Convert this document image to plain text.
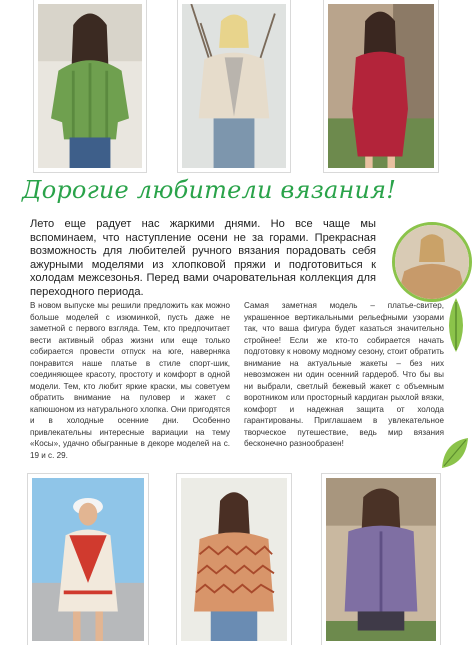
Дорогие любители вязания!
Лето еще радует нас жаркими днями. Но все чаще мы вспоминаем, что наступление осени не за горами. Прекрасная возможность для любителей ручного вязания порадовать себя ажурными моделями из хлопковой пряжи и подготовиться к холодам межсезонья. Перед вами очаровательная коллекция для переходного периода.
В новом выпуске мы решили предложить как можно больше моделей с изюминкой, пусть даже не заметной с первого взгляда. Тем, кто предпочитает вести активный образ жизни или еще только собирается провести отпуск на юге, наверняка понравится наше платье в стиле спорт-шик, соединяющее красоту, простоту и комфорт в одной модели. Тем, кто любит яркие краски, мы советуем обратить внимание на пуловер и жакет с капюшоном из натурального хлопка. Они пригодятся и в холодные осенние дни. Особенно привлекательны интересные вариации на тему «Косы», удачно обыгранные в декоре моделей на с. 19 и с. 29.
Самая заметная модель – платье-свитер, украшенное вертикальными рельефными узорами так, что ваша фигура будет казаться значительно стройнее! Если же кто-то собирается начать подготовку к новому модному сезону, стоит обратить внимание на актуальные жакеты – без них невозможен ни один осенний гардероб. Что бы вы ни выбрали, светлый бежевый жакет с объемным воротником или просторный кардиган рыхлой вязки, комфорт и надежная защита от холода гарантированы. Приглашаем в увлекательное творческое путешествие, ведь мир вязания бесконечно разнообразен!
